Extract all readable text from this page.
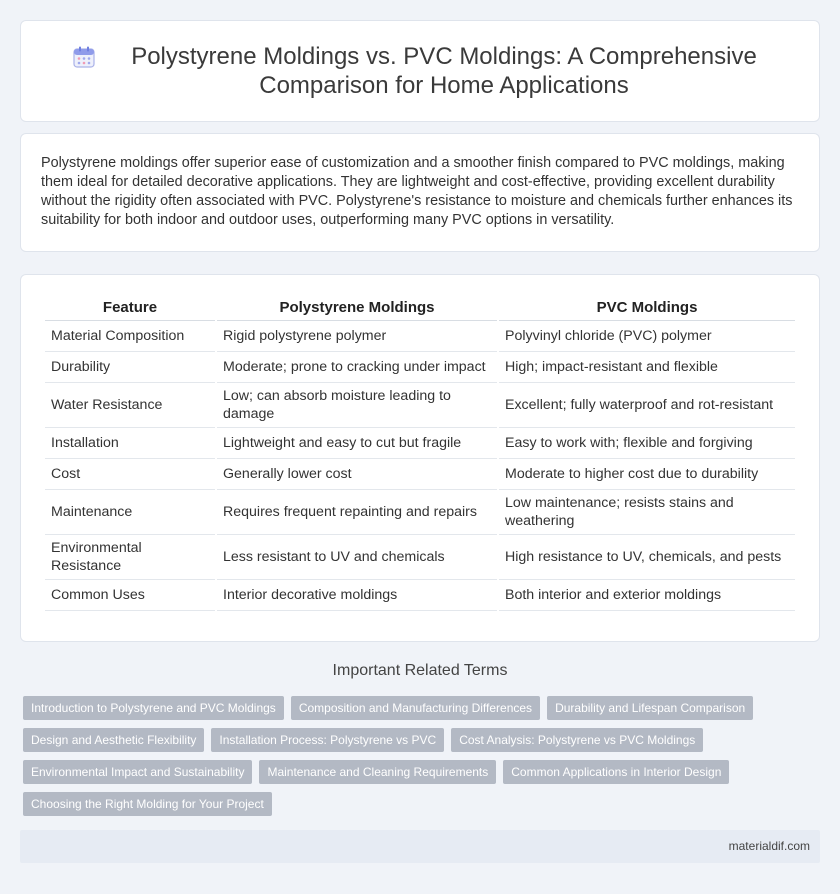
Polystyrene Moldings vs. PVC Moldings: A Comprehensive Comparison for Home Applications

Polystyrene moldings offer superior ease of customization and a smoother finish compared to PVC moldings, making them ideal for detailed decorative applications. They are lightweight and cost-effective, providing excellent durability without the rigidity often associated with PVC. Polystyrene's resistance to moisture and chemicals further enhances its suitability for both indoor and outdoor uses, outperforming many PVC options in versatility.

Feature	Polystyrene Moldings	PVC Moldings
Material Composition	Rigid polystyrene polymer	Polyvinyl chloride (PVC) polymer
Durability	Moderate; prone to cracking under impact	High; impact-resistant and flexible
Water Resistance	Low; can absorb moisture leading to damage	Excellent; fully waterproof and rot-resistant
Installation	Lightweight and easy to cut but fragile	Easy to work with; flexible and forgiving
Cost	Generally lower cost	Moderate to higher cost due to durability
Maintenance	Requires frequent repainting and repairs	Low maintenance; resists stains and weathering
Environmental Resistance	Less resistant to UV and chemicals	High resistance to UV, chemicals, and pests
Common Uses	Interior decorative moldings	Both interior and exterior moldings
Important Related Terms
Introduction to Polystyrene and PVC Moldings	Composition and Manufacturing Differences	Durability and Lifespan Comparison
Design and Aesthetic Flexibility	Installation Process: Polystyrene vs PVC	Cost Analysis: Polystyrene vs PVC Moldings
Environmental Impact and Sustainability	Maintenance and Cleaning Requirements	Common Applications in Interior Design
Choosing the Right Molding for Your Project
materialdif.com
